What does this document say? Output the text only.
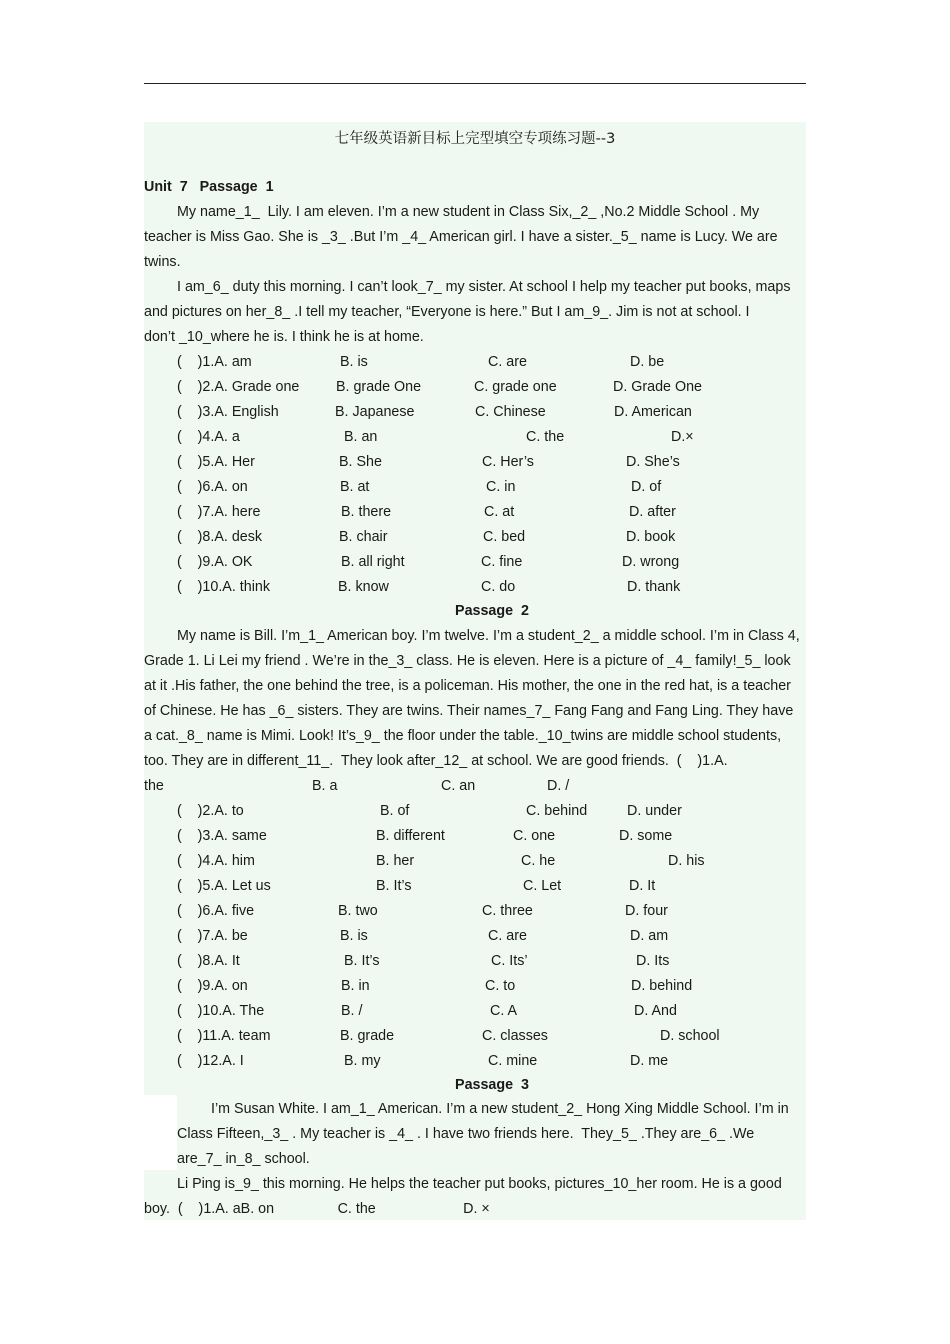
七年级英语新目标上完型填空专项练习题--3
Unit  7   Passage  1
My name_1_  Lily. I am eleven. I’m a new student in Class Six,_2_ ,No.2 Middle School . My
teacher is Miss Gao. She is _3_ .But I’m _4_ American girl. I have a sister._5_ name is Lucy. We are
twins.
I am_6_ duty this morning. I can’t look_7_ my sister. At school I help my teacher put books, maps
and pictures on her_8_ .I tell my teacher, “Everyone is here.” But I am_9_. Jim is not at school. I
don’t _10_where he is. I think he is at home.
(    )1.A. am	B. is	C. are	D. be
(    )2.A. Grade one	B. grade One	C. grade one	D. Grade One
(    )3.A. English	B. Japanese	C. Chinese	D. American
(    )4.A. a	B. an	C. the	D.×
(    )5.A. Her	B. She	C. Her’s	D. She’s
(    )6.A. on	B. at	C. in	D. of
(    )7.A. here	B. there	C. at	D. after
(    )8.A. desk	B. chair	C. bed	D. book
(    )9.A. OK	B. all right	C. fine	D. wrong
(    )10.A. think	B. know	C. do	D. thank
Passage  2
My name is Bill. I’m_1_ American boy. I’m twelve. I’m a student_2_ a middle school. I’m in Class 4,
Grade 1. Li Lei my friend . We’re in the_3_ class. He is eleven. Here is a picture of _4_ family!_5_ look
at it .His father, the one behind the tree, is a policeman. His mother, the one in the red hat, is a teacher
of Chinese. He has _6_ sisters. They are twins. Their names_7_ Fang Fang and Fang Ling. They have
a cat._8_ name is Mimi. Look! It’s_9_ the floor under the table._10_twins are middle school students,
too. They are in different_11_.  They look after_12_ at school. We are good friends.  (    )1.A.
the	B. a	C. an	D. /
(    )2.A. to	B. of	C. behind	D. under
(    )3.A. same	B. different	C. one	D. some
(    )4.A. him	B. her	C. he	D. his
(    )5.A. Let us	B. It’s	C. Let	D. It
(    )6.A. five	B. two	C. three	D. four
(    )7.A. be	B. is	C. are	D. am
(    )8.A. It	B. It’s	C. Its’	D. Its
(    )9.A. on	B. in	C. to	D. behind
(    )10.A. The	B. /	C. A	D. And
(    )11.A. team	B. grade	C. classes	D. school
(    )12.A. I	B. my	C. mine	D. me
Passage  3
I’m Susan White. I am_1_ American. I’m a new student_2_ Hong Xing Middle School. I’m in
Class Fifteen,_3_ . My teacher is _4_ . I have two friends here.  They_5_ .They are_6_ .We
are_7_ in_8_ school.
Li Ping is_9_ this morning. He helps the teacher put books, pictures_10_her room. He is a good
boy.  (    )1.A. aB. on                C. the                      D. ×
